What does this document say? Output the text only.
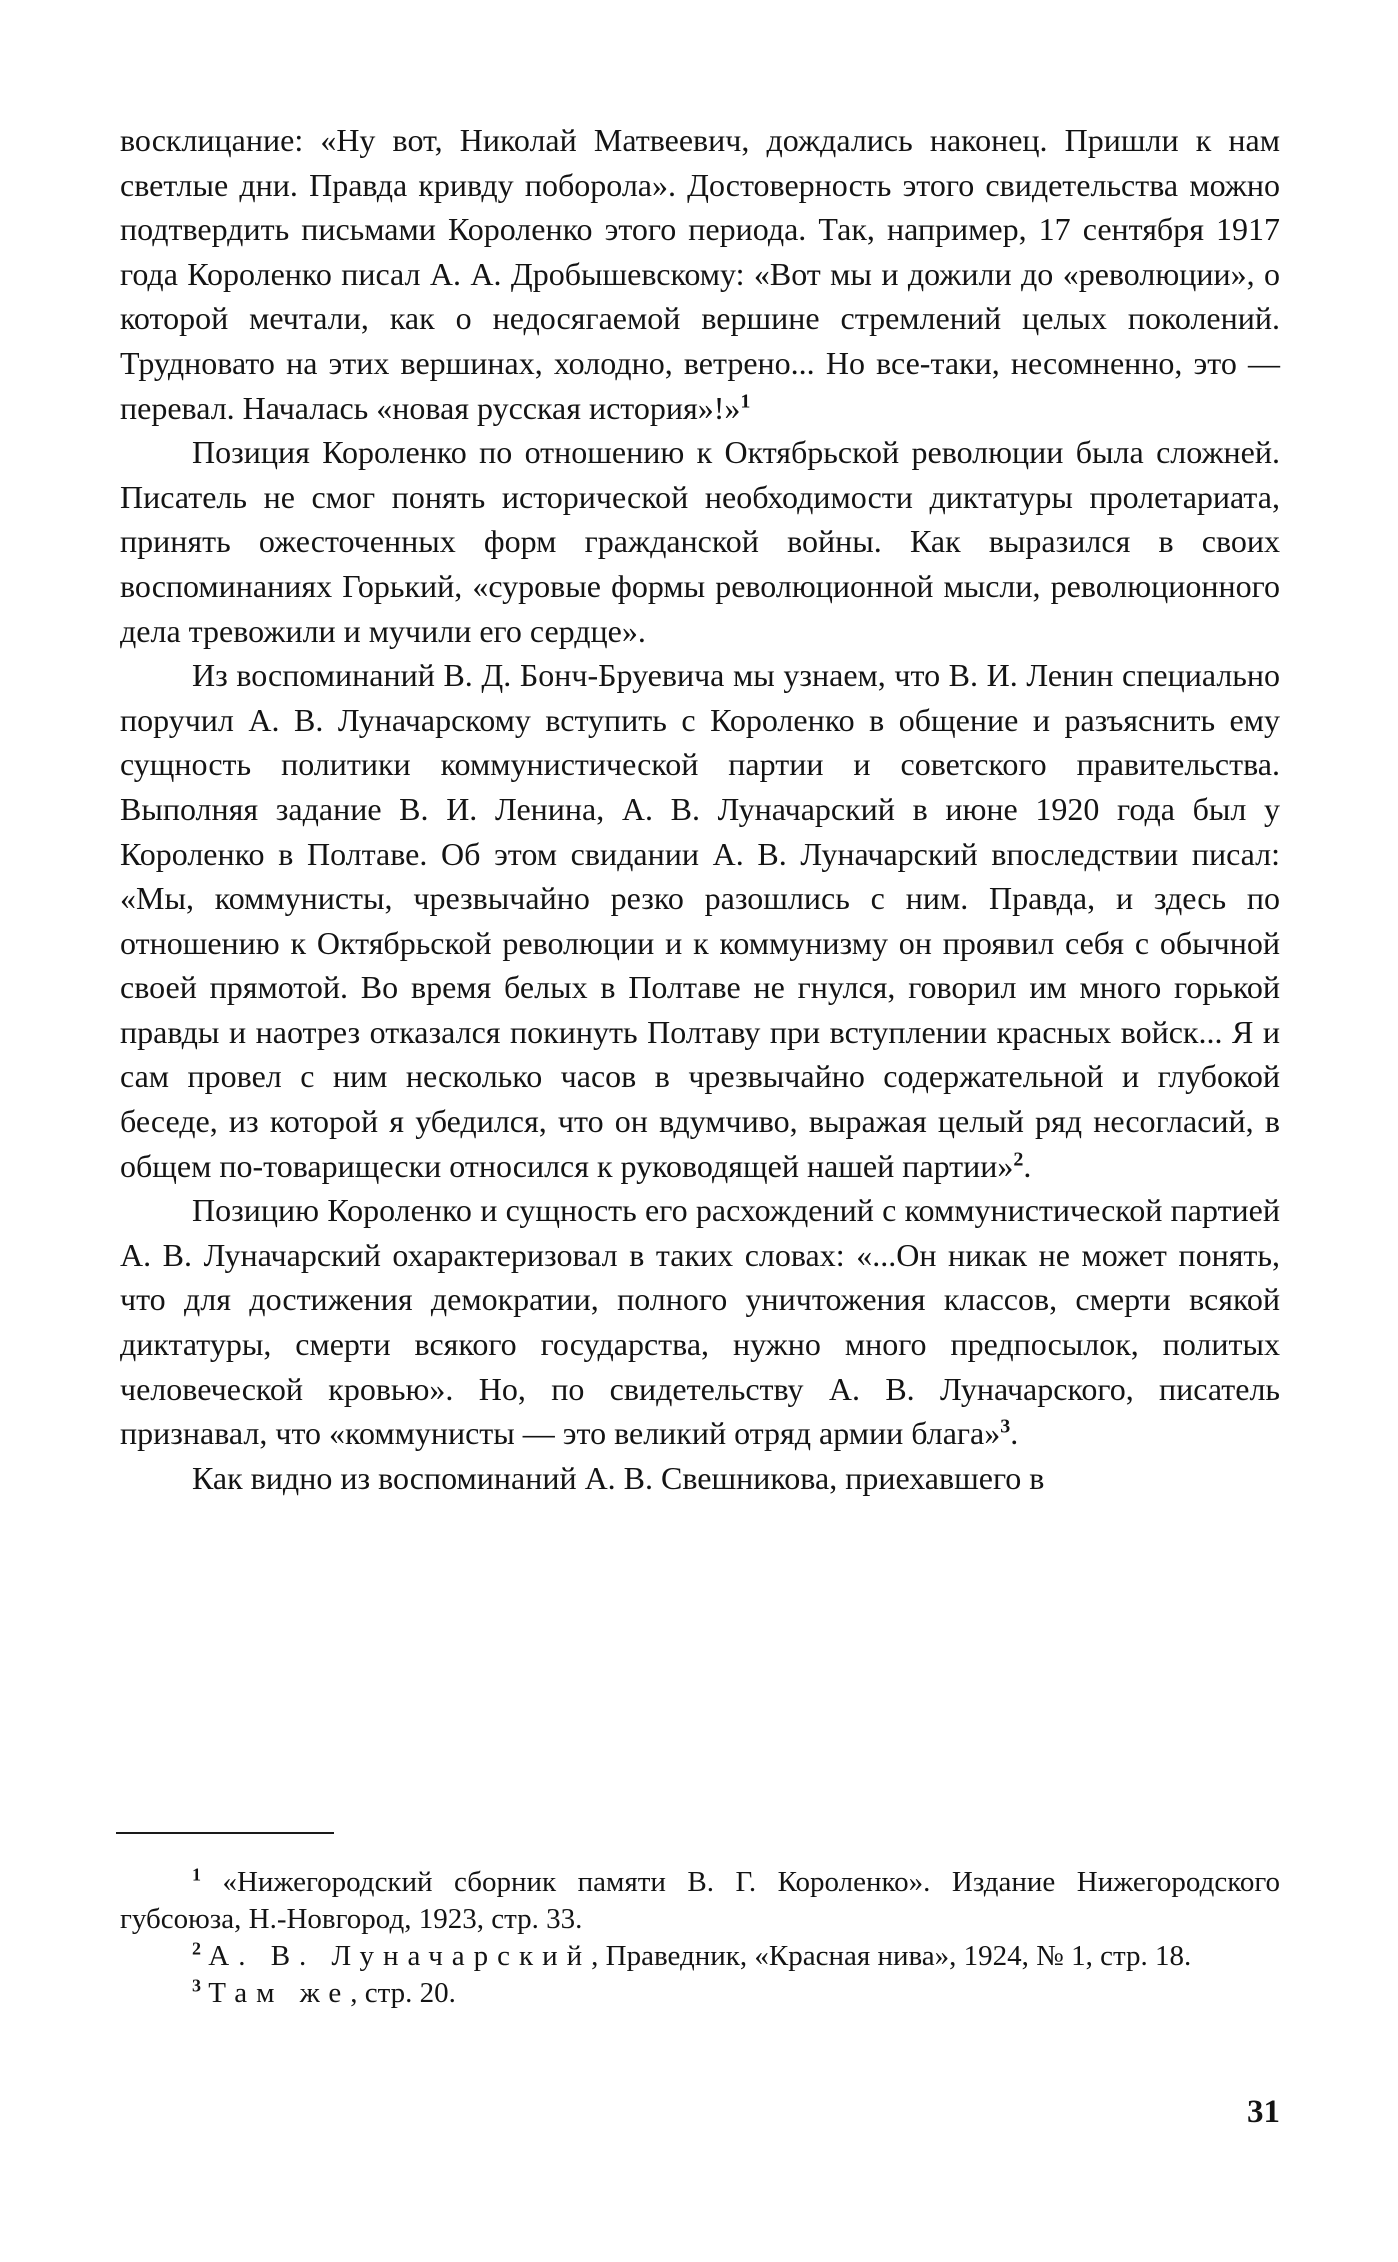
восклицание: «Ну вот, Николай Матвеевич, дождались наконец. Пришли к нам светлые дни. Правда кривду поборола». Достоверность этого свидетельства можно подтвердить письмами Короленко этого периода. Так, например, 17 сентября 1917 года Короленко писал А. А. Дробышевскому: «Вот мы и дожили до «революции», о которой мечтали, как о недосягаемой вершине стремлений целых поколений. Трудновато на этих вершинах, холодно, ветрено... Но все-таки, несомненно, это — перевал. Началась «новая русская история»!»$^1$

Позиция Короленко по отношению к Октябрьской революции была сложней. Писатель не смог понять исторической необходимости диктатуры пролетариата, принять ожесточенных форм гражданской войны. Как выразился в своих воспоминаниях Горький, «суровые формы революционной мысли, революционного дела тревожили и мучили его сердце».

Из воспоминаний В. Д. Бонч-Бруевича мы узнаем, что В. И. Ленин специально поручил А. В. Луначарскому вступить с Короленко в общение и разъяснить ему сущность политики коммунистической партии и советского правительства. Выполняя задание В. И. Ленина, А. В. Луначарский в июне 1920 года был у Короленко в Полтаве. Об этом свидании А. В. Луначарский впоследствии писал: «Мы, коммунисты, чрезвычайно резко разошлись с ним. Правда, и здесь по отношению к Октябрьской революции и к коммунизму он проявил себя с обычной своей прямотой. Во время белых в Полтаве не гнулся, говорил им много горькой правды и наотрез отказался покинуть Полтаву при вступлении красных войск... Я и сам провел с ним несколько часов в чрезвычайно содержательной и глубокой беседе, из которой я убедился, что он вдумчиво, выражая целый ряд несогласий, в общем по-товарищески относился к руководящей нашей партии»$^2$.

Позицию Короленко и сущность его расхождений с коммунистической партией А. В. Луначарский охарактеризовал в таких словах: «...Он никак не может понять, что для достижения демократии, полного уничтожения классов, смерти всякой диктатуры, смерти всякого государства, нужно много предпосылок, политых человеческой кровью». Но, по свидетельству А. В. Луначарского, писатель признавал, что «коммунисты — это великий отряд армии блага»$^3$.

Как видно из воспоминаний А. В. Свешникова, приехавшего в

$^1$ «Нижегородский сборник памяти В. Г. Короленко». Издание Нижегородского губсоюза, Н.-Новгород, 1923, стр. 33.

$^2$ А. В. Луначарский, Праведник, «Красная нива», 1924, № 1, стр. 18.

$^3$ Там же, стр. 20.

31
